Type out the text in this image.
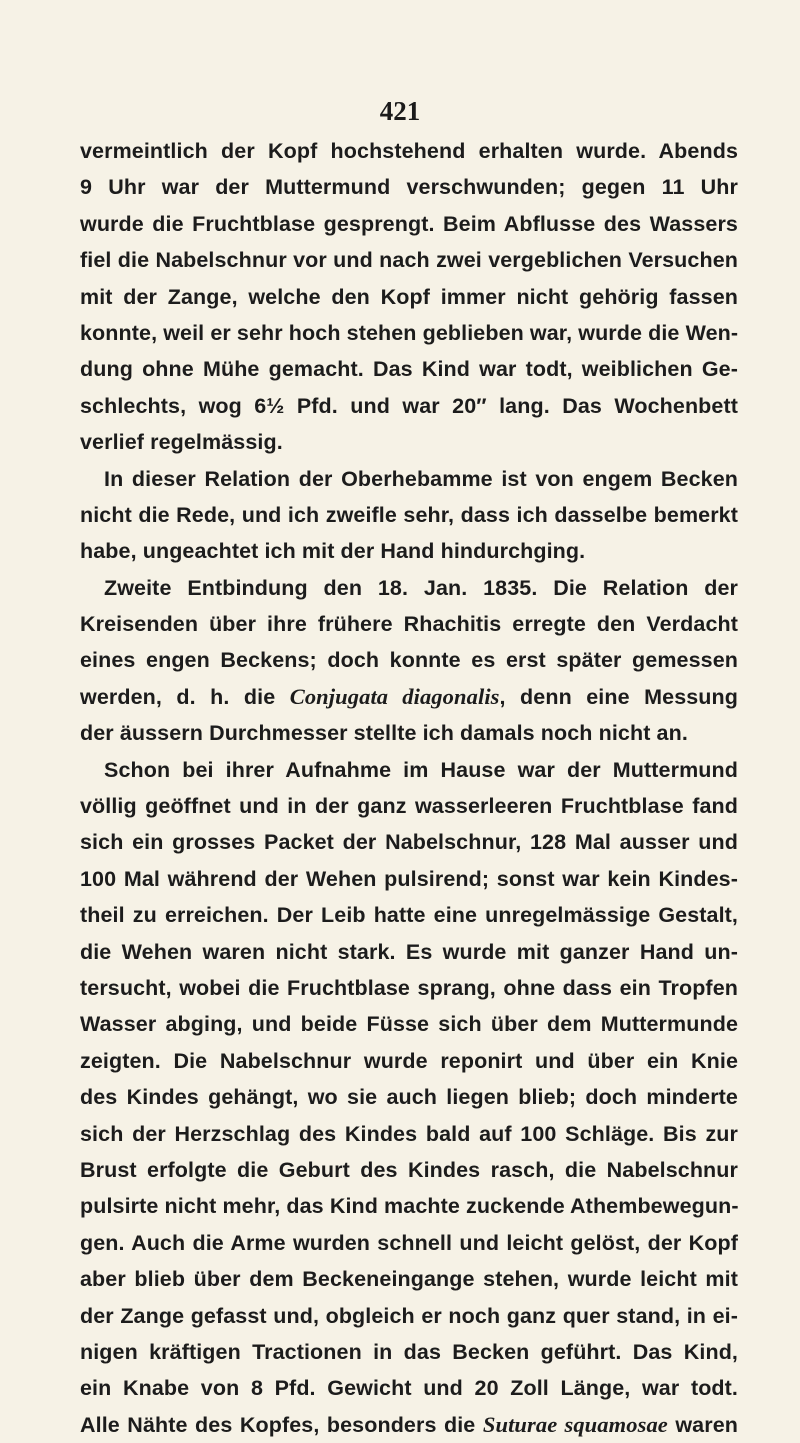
421
vermeintlich der Kopf hochstehend erhalten wurde. Abends
9 Uhr war der Muttermund verschwunden; gegen 11 Uhr
wurde die Fruchtblase gesprengt. Beim Abflusse des Wassers
fiel die Nabelschnur vor und nach zwei vergeblichen Versuchen
mit der Zange, welche den Kopf immer nicht gehörig fassen
konnte, weil er sehr hoch stehen geblieben war, wurde die Wen-
dung ohne Mühe gemacht. Das Kind war todt, weiblichen Ge-
schlechts, wog 6½ Pfd. und war 20″ lang. Das Wochenbett
verlief regelmässig.
In dieser Relation der Oberhebamme ist von engem Becken
nicht die Rede, und ich zweifle sehr, dass ich dasselbe bemerkt
habe, ungeachtet ich mit der Hand hindurchging.
Zweite Entbindung den 18. Jan. 1835. Die Relation der
Kreisenden über ihre frühere Rhachitis erregte den Verdacht
eines engen Beckens; doch konnte es erst später gemessen
werden, d. h. die Conjugata diagonalis, denn eine Messung
der äussern Durchmesser stellte ich damals noch nicht an.
Schon bei ihrer Aufnahme im Hause war der Muttermund
völlig geöffnet und in der ganz wasserleeren Fruchtblase fand
sich ein grosses Packet der Nabelschnur, 128 Mal ausser und
100 Mal während der Wehen pulsirend; sonst war kein Kindes-
theil zu erreichen. Der Leib hatte eine unregelmässige Gestalt,
die Wehen waren nicht stark. Es wurde mit ganzer Hand un-
tersucht, wobei die Fruchtblase sprang, ohne dass ein Tropfen
Wasser abging, und beide Füsse sich über dem Muttermunde
zeigten. Die Nabelschnur wurde reponirt und über ein Knie
des Kindes gehängt, wo sie auch liegen blieb; doch minderte
sich der Herzschlag des Kindes bald auf 100 Schläge. Bis zur
Brust erfolgte die Geburt des Kindes rasch, die Nabelschnur
pulsirte nicht mehr, das Kind machte zuckende Athembewegun-
gen. Auch die Arme wurden schnell und leicht gelöst, der Kopf
aber blieb über dem Beckeneingange stehen, wurde leicht mit
der Zange gefasst und, obgleich er noch ganz quer stand, in ei-
nigen kräftigen Tractionen in das Becken geführt. Das Kind,
ein Knabe von 8 Pfd. Gewicht und 20 Zoll Länge, war todt.
Alle Nähte des Kopfes, besonders die Suturae squamosae waren
